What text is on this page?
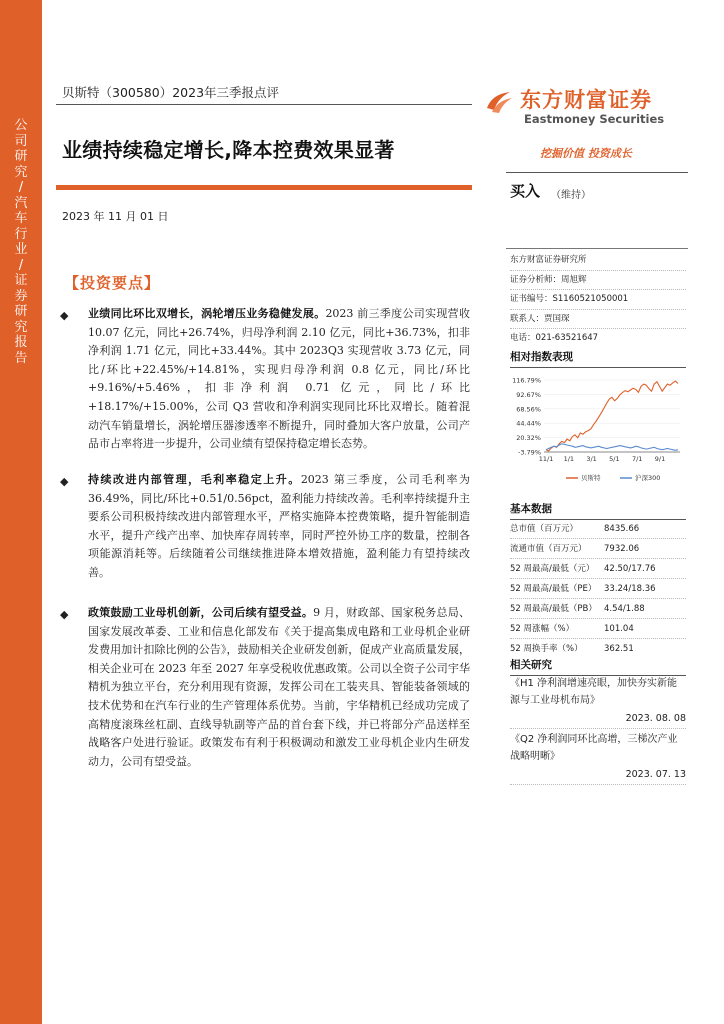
公
司
研
究
/
汽
车
行
业
/
证
券
研
究
报
告
贝斯特（300580）2023年三季报点评
业绩持续稳定增长,降本控费效果显著
2023 年 11 月 01 日
东方财富证券
Eastmoney Securities
挖掘价值 投资成长
买入 （维持）
东方财富证券研究所
证券分析师：周旭辉
证书编号：S1160521050001
联系人：贾国琛
电话：021-63521647
相对指数表现
116.79%
92.67%
68.56%
44.44%
20.32%
-3.79%
11/1 1/1 3/1 5/1 7/1 9/1
贝斯特	沪深300
基本数据
总市值（百万元）	8435.66
流通市值（百万元） 7932.06
52 周最高/最低（元） 42.50/17.76
52 周最高/最低（PE） 33.24/18.36
52 周最高/最低（PB） 4.54/1.88
52 周涨幅（%）	101.04
52 周换手率（%）	362.51
相关研究
《H1 净利润增速亮眼，加快夯实新能源与工业母机布局》
2023. 08. 08
《Q2 净利润同环比高增，三梯次产业战略明晰》
2023. 07. 13
【投资要点】
◆ 业绩同比环比双增长，涡轮增压业务稳健发展。2023 前三季度公司实现营收 10.07 亿元，同比+26.74%，归母净利润 2.10 亿元，同比+36.73%，扣非净利润 1.71 亿元，同比+33.44%。其中 2023Q3 实现营收 3.73 亿元，同比/环比+22.45%/+14.81%，实现归母净利润 0.8 亿元，同比/环比+9.16%/+5.46%，扣非净利润 0.71 亿元，同比/环比+18.17%/+15.00%，公司 Q3 营收和净利润实现同比环比双增长。随着混动汽车销量增长，涡轮增压器渗透率不断提升，同时叠加大客户放量，公司产品市占率将进一步提升，公司业绩有望保持稳定增长态势。
◆ 持续改进内部管理，毛利率稳定上升。2023 第三季度，公司毛利率为 36.49%，同比/环比+0.51/0.56pct，盈利能力持续改善。毛利率持续提升主要系公司积极持续改进内部管理水平，严格实施降本控费策略，提升智能制造水平，提升产线产出率、加快库存周转率，同时严控外协工序的数量，控制各项能源消耗等。后续随着公司继续推进降本增效措施，盈利能力有望持续改善。
◆ 政策鼓励工业母机创新，公司后续有望受益。9 月，财政部、国家税务总局、国家发展改革委、工业和信息化部发布《关于提高集成电路和工业母机企业研发费用加计扣除比例的公告》，鼓励相关企业研发创新，促成产业高质量发展，相关企业可在 2023 年至 2027 年享受税收优惠政策。公司以全资子公司宇华精机为独立平台，充分利用现有资源，发挥公司在工装夹具、智能装备领域的技术优势和在汽车行业的生产管理体系优势。当前，宇华精机已经成功完成了高精度滚珠丝杠副、直线导轨副等产品的首台套下线，并已将部分产品送样至战略客户处进行验证。政策发布有利于积极调动和激发工业母机企业内生研发动力，公司有望受益。
